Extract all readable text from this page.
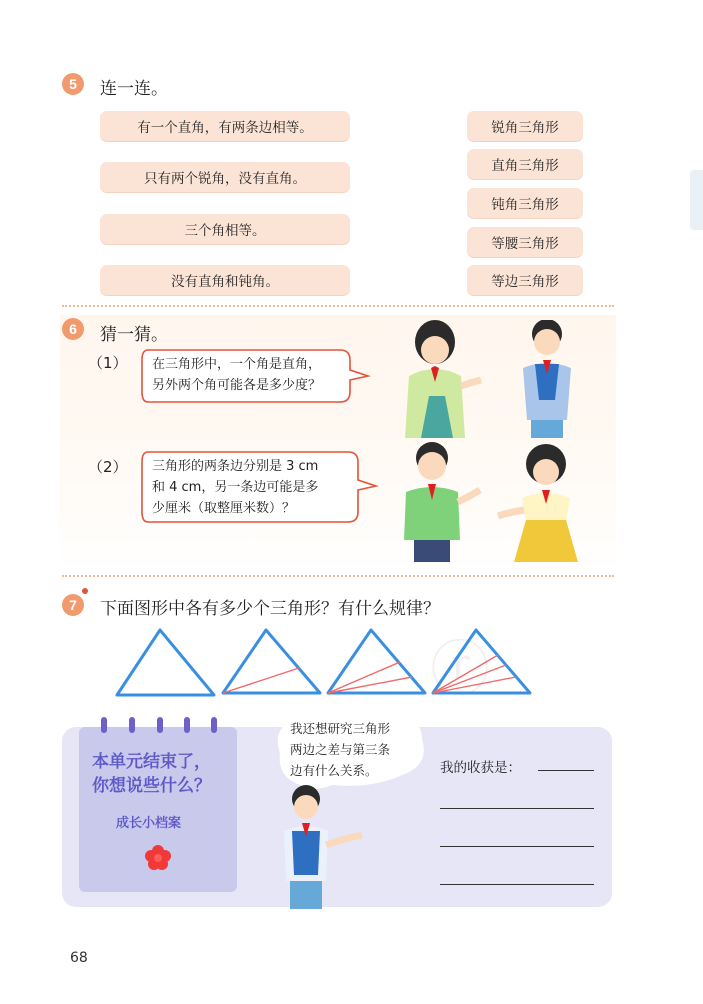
5	连一连。
有一个直角，有两条边相等。
只有两个锐角，没有直角。
三个角相等。
没有直角和钝角。
锐角三角形
直角三角形
钝角三角形
等腰三角形
等边三角形
6	猜一猜。
（1） 在三角形中，一个角是直角，
另外两个角可能各是多少度？
（2） 三角形的两条边分别是 3 cm
和 4 cm，另一条边可能是多
少厘米（取整厘米数）？
7	下面图形中各有多少个三角形？有什么规律？
ⓡ
本单元结束了，
你想说些什么？
成长小档案
我还想研究三角形
两边之差与第三条
边有什么关系。	我的收获是：
68
